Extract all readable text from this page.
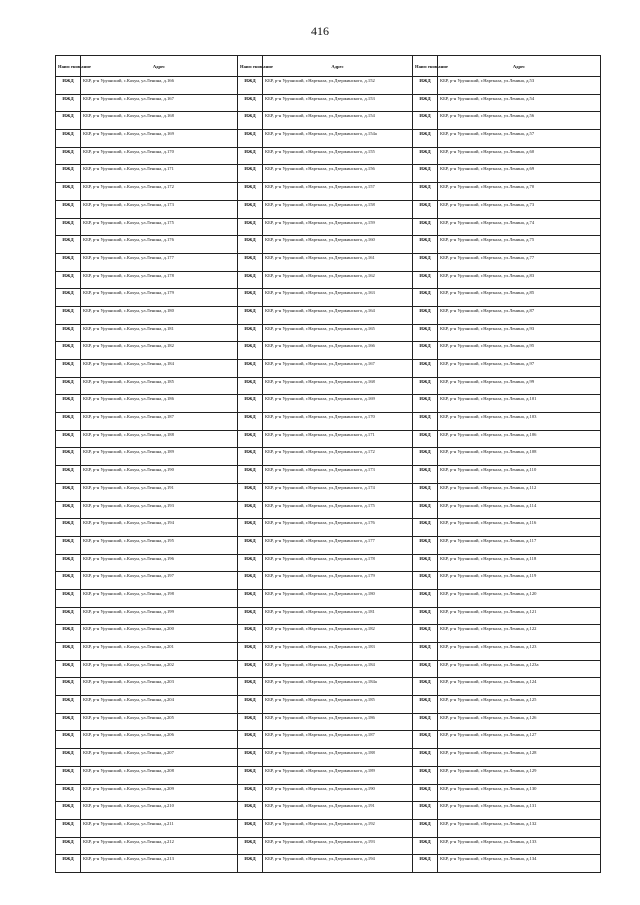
416
Наим енов ание	Адрес	Наим енов ание	Адрес	Наим енов ание	Адрес
ИЖД	КБР, р-н Уруанский, с.Кахун, ул.Ленина, д.166	ИЖД	КБР, р-н Уруанский, г.Нарткала, ул.Дзержинского, д.152	ИЖД	КБР, р-н Уруанский, г.Нарткала, ул.Ленина, д.53
ИЖД	КБР, р-н Уруанский, с.Кахун, ул.Ленина, д.167	ИЖД	КБР, р-н Уруанский, г.Нарткала, ул.Дзержинского, д.153	ИЖД	КБР, р-н Уруанский, г.Нарткала, ул.Ленина, д.54
ИЖД	КБР, р-н Уруанский, с.Кахун, ул.Ленина, д.168	ИЖД	КБР, р-н Уруанский, г.Нарткала, ул.Дзержинского, д.154	ИЖД	КБР, р-н Уруанский, г.Нарткала, ул.Ленина, д.56
ИЖД	КБР, р-н Уруанский, с.Кахун, ул.Ленина, д.169	ИЖД	КБР, р-н Уруанский, г.Нарткала, ул.Дзержинского, д.154а	ИЖД	КБР, р-н Уруанский, г.Нарткала, ул.Ленина, д.57
ИЖД	КБР, р-н Уруанский, с.Кахун, ул.Ленина, д.170	ИЖД	КБР, р-н Уруанский, г.Нарткала, ул.Дзержинского, д.155	ИЖД	КБР, р-н Уруанский, г.Нарткала, ул.Ленина, д.60
ИЖД	КБР, р-н Уруанский, с.Кахун, ул.Ленина, д.171	ИЖД	КБР, р-н Уруанский, г.Нарткала, ул.Дзержинского, д.156	ИЖД	КБР, р-н Уруанский, г.Нарткала, ул.Ленина, д.69
ИЖД	КБР, р-н Уруанский, с.Кахун, ул.Ленина, д.172	ИЖД	КБР, р-н Уруанский, г.Нарткала, ул.Дзержинского, д.157	ИЖД	КБР, р-н Уруанский, г.Нарткала, ул.Ленина, д.70
ИЖД	КБР, р-н Уруанский, с.Кахун, ул.Ленина, д.173	ИЖД	КБР, р-н Уруанский, г.Нарткала, ул.Дзержинского, д.158	ИЖД	КБР, р-н Уруанский, г.Нарткала, ул.Ленина, д.73
ИЖД	КБР, р-н Уруанский, с.Кахун, ул.Ленина, д.175	ИЖД	КБР, р-н Уруанский, г.Нарткала, ул.Дзержинского, д.159	ИЖД	КБР, р-н Уруанский, г.Нарткала, ул.Ленина, д.74
ИЖД	КБР, р-н Уруанский, с.Кахун, ул.Ленина, д.176	ИЖД	КБР, р-н Уруанский, г.Нарткала, ул.Дзержинского, д.160	ИЖД	КБР, р-н Уруанский, г.Нарткала, ул.Ленина, д.75
ИЖД	КБР, р-н Уруанский, с.Кахун, ул.Ленина, д.177	ИЖД	КБР, р-н Уруанский, г.Нарткала, ул.Дзержинского, д.161	ИЖД	КБР, р-н Уруанский, г.Нарткала, ул.Ленина, д.77
ИЖД	КБР, р-н Уруанский, с.Кахун, ул.Ленина, д.178	ИЖД	КБР, р-н Уруанский, г.Нарткала, ул.Дзержинского, д.162	ИЖД	КБР, р-н Уруанский, г.Нарткала, ул.Ленина, д.83
ИЖД	КБР, р-н Уруанский, с.Кахун, ул.Ленина, д.179	ИЖД	КБР, р-н Уруанский, г.Нарткала, ул.Дзержинского, д.163	ИЖД	КБР, р-н Уруанский, г.Нарткала, ул.Ленина, д.85
ИЖД	КБР, р-н Уруанский, с.Кахун, ул.Ленина, д.180	ИЖД	КБР, р-н Уруанский, г.Нарткала, ул.Дзержинского, д.164	ИЖД	КБР, р-н Уруанский, г.Нарткала, ул.Ленина, д.87
ИЖД	КБР, р-н Уруанский, с.Кахун, ул.Ленина, д.181	ИЖД	КБР, р-н Уруанский, г.Нарткала, ул.Дзержинского, д.165	ИЖД	КБР, р-н Уруанский, г.Нарткала, ул.Ленина, д.93
ИЖД	КБР, р-н Уруанский, с.Кахун, ул.Ленина, д.182	ИЖД	КБР, р-н Уруанский, г.Нарткала, ул.Дзержинского, д.166	ИЖД	КБР, р-н Уруанский, г.Нарткала, ул.Ленина, д.95
ИЖД	КБР, р-н Уруанский, с.Кахун, ул.Ленина, д.184	ИЖД	КБР, р-н Уруанский, г.Нарткала, ул.Дзержинского, д.167	ИЖД	КБР, р-н Уруанский, г.Нарткала, ул.Ленина, д.97
ИЖД	КБР, р-н Уруанский, с.Кахун, ул.Ленина, д.185	ИЖД	КБР, р-н Уруанский, г.Нарткала, ул.Дзержинского, д.168	ИЖД	КБР, р-н Уруанский, г.Нарткала, ул.Ленина, д.99
ИЖД	КБР, р-н Уруанский, с.Кахун, ул.Ленина, д.186	ИЖД	КБР, р-н Уруанский, г.Нарткала, ул.Дзержинского, д.169	ИЖД	КБР, р-н Уруанский, г.Нарткала, ул.Ленина, д.101
ИЖД	КБР, р-н Уруанский, с.Кахун, ул.Ленина, д.187	ИЖД	КБР, р-н Уруанский, г.Нарткала, ул.Дзержинского, д.170	ИЖД	КБР, р-н Уруанский, г.Нарткала, ул.Ленина, д.103
ИЖД	КБР, р-н Уруанский, с.Кахун, ул.Ленина, д.188	ИЖД	КБР, р-н Уруанский, г.Нарткала, ул.Дзержинского, д.171	ИЖД	КБР, р-н Уруанский, г.Нарткала, ул.Ленина, д.106
ИЖД	КБР, р-н Уруанский, с.Кахун, ул.Ленина, д.189	ИЖД	КБР, р-н Уруанский, г.Нарткала, ул.Дзержинского, д.172	ИЖД	КБР, р-н Уруанский, г.Нарткала, ул.Ленина, д.108
ИЖД	КБР, р-н Уруанский, с.Кахун, ул.Ленина, д.190	ИЖД	КБР, р-н Уруанский, г.Нарткала, ул.Дзержинского, д.173	ИЖД	КБР, р-н Уруанский, г.Нарткала, ул.Ленина, д.110
ИЖД	КБР, р-н Уруанский, с.Кахун, ул.Ленина, д.191	ИЖД	КБР, р-н Уруанский, г.Нарткала, ул.Дзержинского, д.174	ИЖД	КБР, р-н Уруанский, г.Нарткала, ул.Ленина, д.112
ИЖД	КБР, р-н Уруанский, с.Кахун, ул.Ленина, д.193	ИЖД	КБР, р-н Уруанский, г.Нарткала, ул.Дзержинского, д.175	ИЖД	КБР, р-н Уруанский, г.Нарткала, ул.Ленина, д.114
ИЖД	КБР, р-н Уруанский, с.Кахун, ул.Ленина, д.194	ИЖД	КБР, р-н Уруанский, г.Нарткала, ул.Дзержинского, д.176	ИЖД	КБР, р-н Уруанский, г.Нарткала, ул.Ленина, д.116
ИЖД	КБР, р-н Уруанский, с.Кахун, ул.Ленина, д.195	ИЖД	КБР, р-н Уруанский, г.Нарткала, ул.Дзержинского, д.177	ИЖД	КБР, р-н Уруанский, г.Нарткала, ул.Ленина, д.117
ИЖД	КБР, р-н Уруанский, с.Кахун, ул.Ленина, д.196	ИЖД	КБР, р-н Уруанский, г.Нарткала, ул.Дзержинского, д.178	ИЖД	КБР, р-н Уруанский, г.Нарткала, ул.Ленина, д.118
ИЖД	КБР, р-н Уруанский, с.Кахун, ул.Ленина, д.197	ИЖД	КБР, р-н Уруанский, г.Нарткала, ул.Дзержинского, д.179	ИЖД	КБР, р-н Уруанский, г.Нарткала, ул.Ленина, д.119
ИЖД	КБР, р-н Уруанский, с.Кахун, ул.Ленина, д.198	ИЖД	КБР, р-н Уруанский, г.Нарткала, ул.Дзержинского, д.180	ИЖД	КБР, р-н Уруанский, г.Нарткала, ул.Ленина, д.120
ИЖД	КБР, р-н Уруанский, с.Кахун, ул.Ленина, д.199	ИЖД	КБР, р-н Уруанский, г.Нарткала, ул.Дзержинского, д.181	ИЖД	КБР, р-н Уруанский, г.Нарткала, ул.Ленина, д.121
ИЖД	КБР, р-н Уруанский, с.Кахун, ул.Ленина, д.200	ИЖД	КБР, р-н Уруанский, г.Нарткала, ул.Дзержинского, д.182	ИЖД	КБР, р-н Уруанский, г.Нарткала, ул.Ленина, д.122
ИЖД	КБР, р-н Уруанский, с.Кахун, ул.Ленина, д.201	ИЖД	КБР, р-н Уруанский, г.Нарткала, ул.Дзержинского, д.183	ИЖД	КБР, р-н Уруанский, г.Нарткала, ул.Ленина, д.123
ИЖД	КБР, р-н Уруанский, с.Кахун, ул.Ленина, д.202	ИЖД	КБР, р-н Уруанский, г.Нарткала, ул.Дзержинского, д.184	ИЖД	КБР, р-н Уруанский, г.Нарткала, ул.Ленина, д.123а
ИЖД	КБР, р-н Уруанский, с.Кахун, ул.Ленина, д.203	ИЖД	КБР, р-н Уруанский, г.Нарткала, ул.Дзержинского, д.184а	ИЖД	КБР, р-н Уруанский, г.Нарткала, ул.Ленина, д.124
ИЖД	КБР, р-н Уруанский, с.Кахун, ул.Ленина, д.204	ИЖД	КБР, р-н Уруанский, г.Нарткала, ул.Дзержинского, д.185	ИЖД	КБР, р-н Уруанский, г.Нарткала, ул.Ленина, д.125
ИЖД	КБР, р-н Уруанский, с.Кахун, ул.Ленина, д.205	ИЖД	КБР, р-н Уруанский, г.Нарткала, ул.Дзержинского, д.186	ИЖД	КБР, р-н Уруанский, г.Нарткала, ул.Ленина, д.126
ИЖД	КБР, р-н Уруанский, с.Кахун, ул.Ленина, д.206	ИЖД	КБР, р-н Уруанский, г.Нарткала, ул.Дзержинского, д.187	ИЖД	КБР, р-н Уруанский, г.Нарткала, ул.Ленина, д.127
ИЖД	КБР, р-н Уруанский, с.Кахун, ул.Ленина, д.207	ИЖД	КБР, р-н Уруанский, г.Нарткала, ул.Дзержинского, д.188	ИЖД	КБР, р-н Уруанский, г.Нарткала, ул.Ленина, д.128
ИЖД	КБР, р-н Уруанский, с.Кахун, ул.Ленина, д.208	ИЖД	КБР, р-н Уруанский, г.Нарткала, ул.Дзержинского, д.189	ИЖД	КБР, р-н Уруанский, г.Нарткала, ул.Ленина, д.129
ИЖД	КБР, р-н Уруанский, с.Кахун, ул.Ленина, д.209	ИЖД	КБР, р-н Уруанский, г.Нарткала, ул.Дзержинского, д.190	ИЖД	КБР, р-н Уруанский, г.Нарткала, ул.Ленина, д.130
ИЖД	КБР, р-н Уруанский, с.Кахун, ул.Ленина, д.210	ИЖД	КБР, р-н Уруанский, г.Нарткала, ул.Дзержинского, д.191	ИЖД	КБР, р-н Уруанский, г.Нарткала, ул.Ленина, д.131
ИЖД	КБР, р-н Уруанский, с.Кахун, ул.Ленина, д.211	ИЖД	КБР, р-н Уруанский, г.Нарткала, ул.Дзержинского, д.192	ИЖД	КБР, р-н Уруанский, г.Нарткала, ул.Ленина, д.132
ИЖД	КБР, р-н Уруанский, с.Кахун, ул.Ленина, д.212	ИЖД	КБР, р-н Уруанский, г.Нарткала, ул.Дзержинского, д.193	ИЖД	КБР, р-н Уруанский, г.Нарткала, ул.Ленина, д.133
ИЖД	КБР, р-н Уруанский, с.Кахун, ул.Ленина, д.213	ИЖД	КБР, р-н Уруанский, г.Нарткала, ул.Дзержинского, д.194	ИЖД	КБР, р-н Уруанский, г.Нарткала, ул.Ленина, д.134
